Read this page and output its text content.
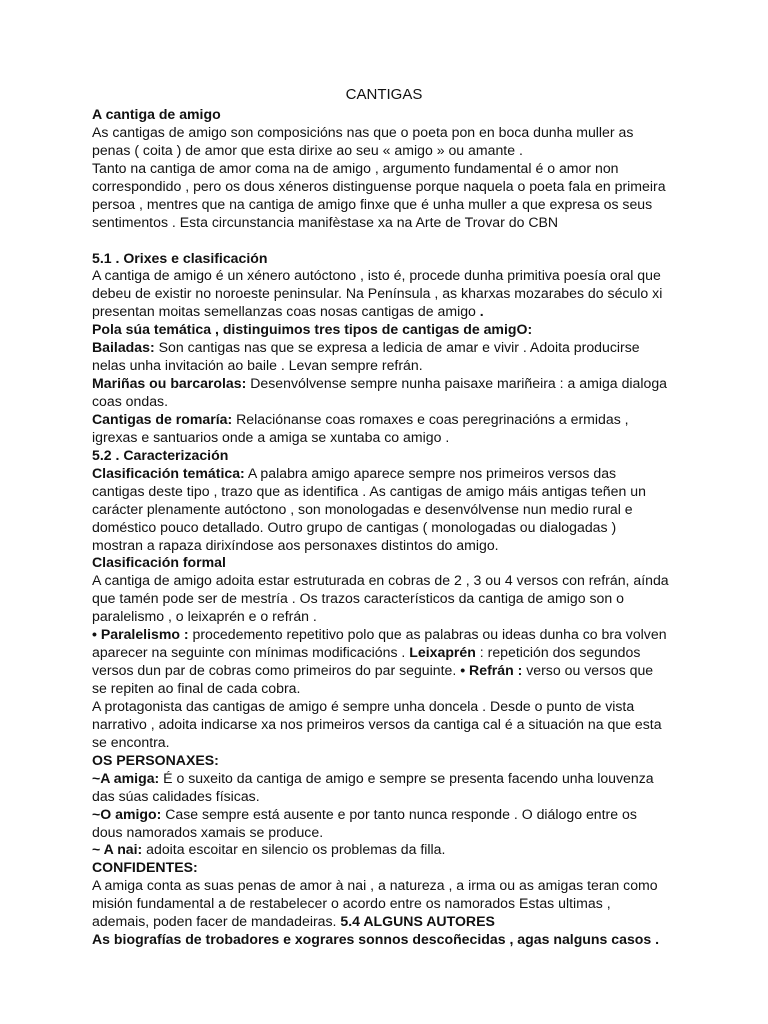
CANTIGAS
A cantiga de amigo
As cantigas de amigo son composicións nas que o poeta pon en boca dunha muller as
penas ( coita ) de amor que esta dirixe ao seu « amigo » ou amante .
Tanto na cantiga de amor coma na de amigo , argumento fundamental é o amor non
correspondido , pero os dous xéneros distinguense porque naquela o poeta fala en primeira
persoa , mentres que na cantiga de amigo finxe que é unha muller a que expresa os seus
sentimentos . Esta circunstancia manifèstase xa na Arte de Trovar do CBN
5.1 . Orixes e clasificación
A cantiga de amigo é un xénero autóctono , isto é, procede dunha primitiva poesía oral que
debeu de existir no noroeste peninsular. Na Península , as kharxas mozarabes do século xi
presentan moitas semellanzas coas nosas cantigas de amigo .
Pola súa temática , distinguimos tres tipos de cantigas de amigO:
Bailadas: Son cantigas nas que se expresa a ledicia de amar e vivir . Adoita producirse
nelas unha invitación ao baile . Levan sempre refrán.
Mariñas ou barcarolas: Desenvólvense sempre nunha paisaxe mariñeira : a amiga dialoga
coas ondas.
Cantigas de romaría: Relaciónanse coas romaxes e coas peregrinacións a ermidas ,
igrexas e santuarios onde a amiga se xuntaba co amigo .
5.2 . Caracterización
Clasificación temática: A palabra amigo aparece sempre nos primeiros versos das
cantigas deste tipo , trazo que as identifica . As cantigas de amigo máis antigas teñen un
carácter plenamente autóctono , son monologadas e desenvólvense nun medio rural e
doméstico pouco detallado. Outro grupo de cantigas ( monologadas ou dialogadas )
mostran a rapaza dirixíndose aos personaxes distintos do amigo.
Clasificación formal
A cantiga de amigo adoita estar estruturada en cobras de 2 , 3 ou 4 versos con refrán, aínda
que tamén pode ser de mestría . Os trazos característicos da cantiga de amigo son o
paralelismo , o leixaprén e o refrán .
• Paralelismo : procedemento repetitivo polo que as palabras ou ideas dunha co bra volven
aparecer na seguinte con mínimas modificacións . Leixaprén : repetición dos segundos
versos dun par de cobras como primeiros do par seguinte. • Refrán : verso ou versos que
se repiten ao final de cada cobra.
A protagonista das cantigas de amigo é sempre unha doncela . Desde o punto de vista
narrativo , adoita indicarse xa nos primeiros versos da cantiga cal é a situación na que esta
se encontra.
OS PERSONAXES:
~A amiga: É o suxeito da cantiga de amigo e sempre se presenta facendo unha louvenza
das súas calidades físicas.
~O amigo: Case sempre está ausente e por tanto nunca responde . O diálogo entre os
dous namorados xamais se produce.
~ A nai: adoita escoitar en silencio os problemas da filla.
CONFIDENTES:
A amiga conta as suas penas de amor à nai , a natureza , a irma ou as amigas teran como
misión fundamental a de restabelecer o acordo entre os namorados Estas ultimas ,
ademais, poden facer de mandadeiras. 5.4 ALGUNS AUTORES
As biografías de trobadores e xograres sonnos descoñecidas , agas nalguns casos .
